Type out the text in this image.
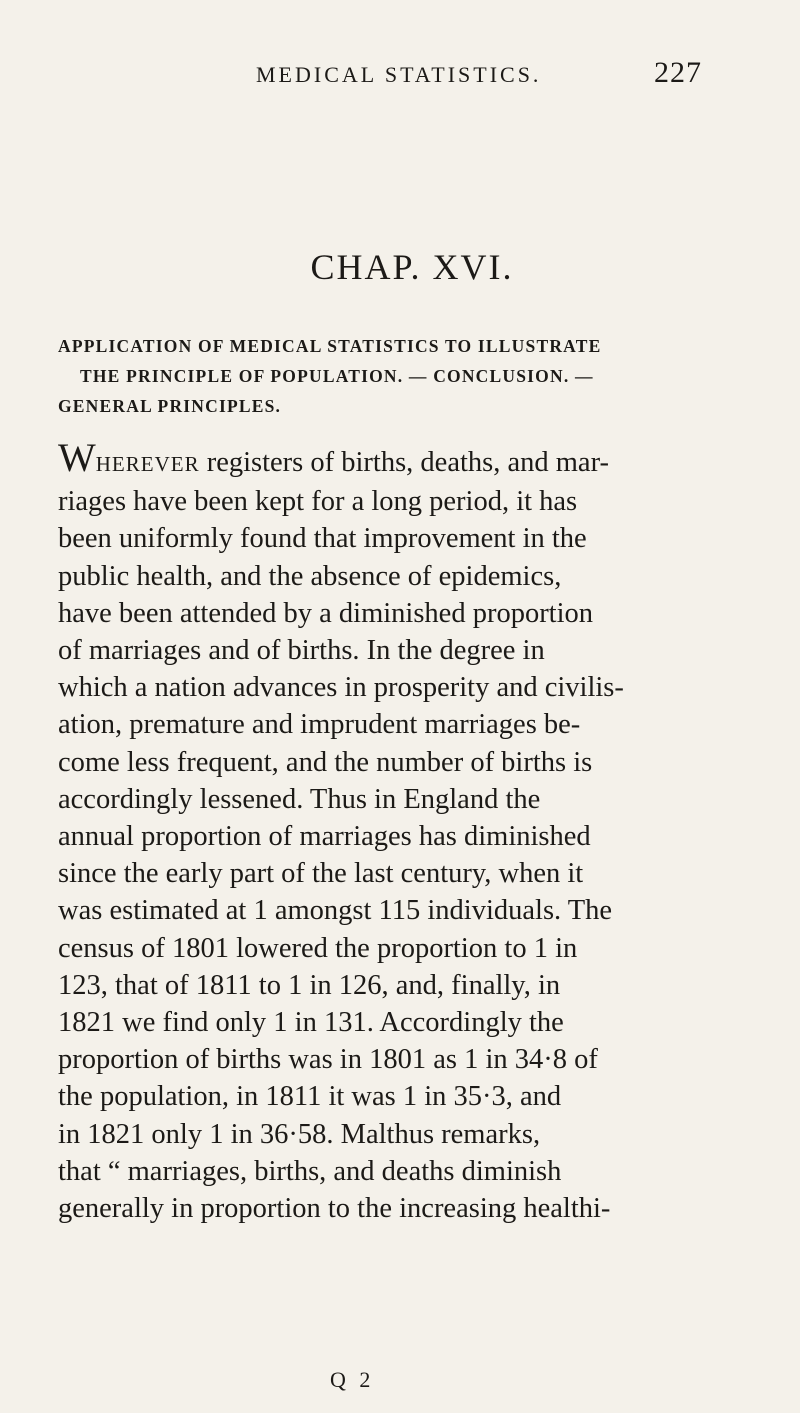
MEDICAL STATISTICS.	227
CHAP. XVI.
APPLICATION OF MEDICAL STATISTICS TO ILLUSTRATE
THE PRINCIPLE OF POPULATION. — CONCLUSION. —
GENERAL PRINCIPLES.
WHEREVER registers of births, deaths, and mar-
riages have been kept for a long period, it has
been uniformly found that improvement in the
public health, and the absence of epidemics,
have been attended by a diminished proportion
of marriages and of births. In the degree in
which a nation advances in prosperity and civilis-
ation, premature and imprudent marriages be-
come less frequent, and the number of births is
accordingly lessened. Thus in England the
annual proportion of marriages has diminished
since the early part of the last century, when it
was estimated at 1 amongst 115 individuals. The
census of 1801 lowered the proportion to 1 in
123, that of 1811 to 1 in 126, and, finally, in
1821 we find only 1 in 131. Accordingly the
proportion of births was in 1801 as 1 in 34·8 of
the population, in 1811 it was 1 in 35·3, and
in 1821 only 1 in 36·58. Malthus remarks,
that “ marriages, births, and deaths diminish
generally in proportion to the increasing healthi-
Q 2
